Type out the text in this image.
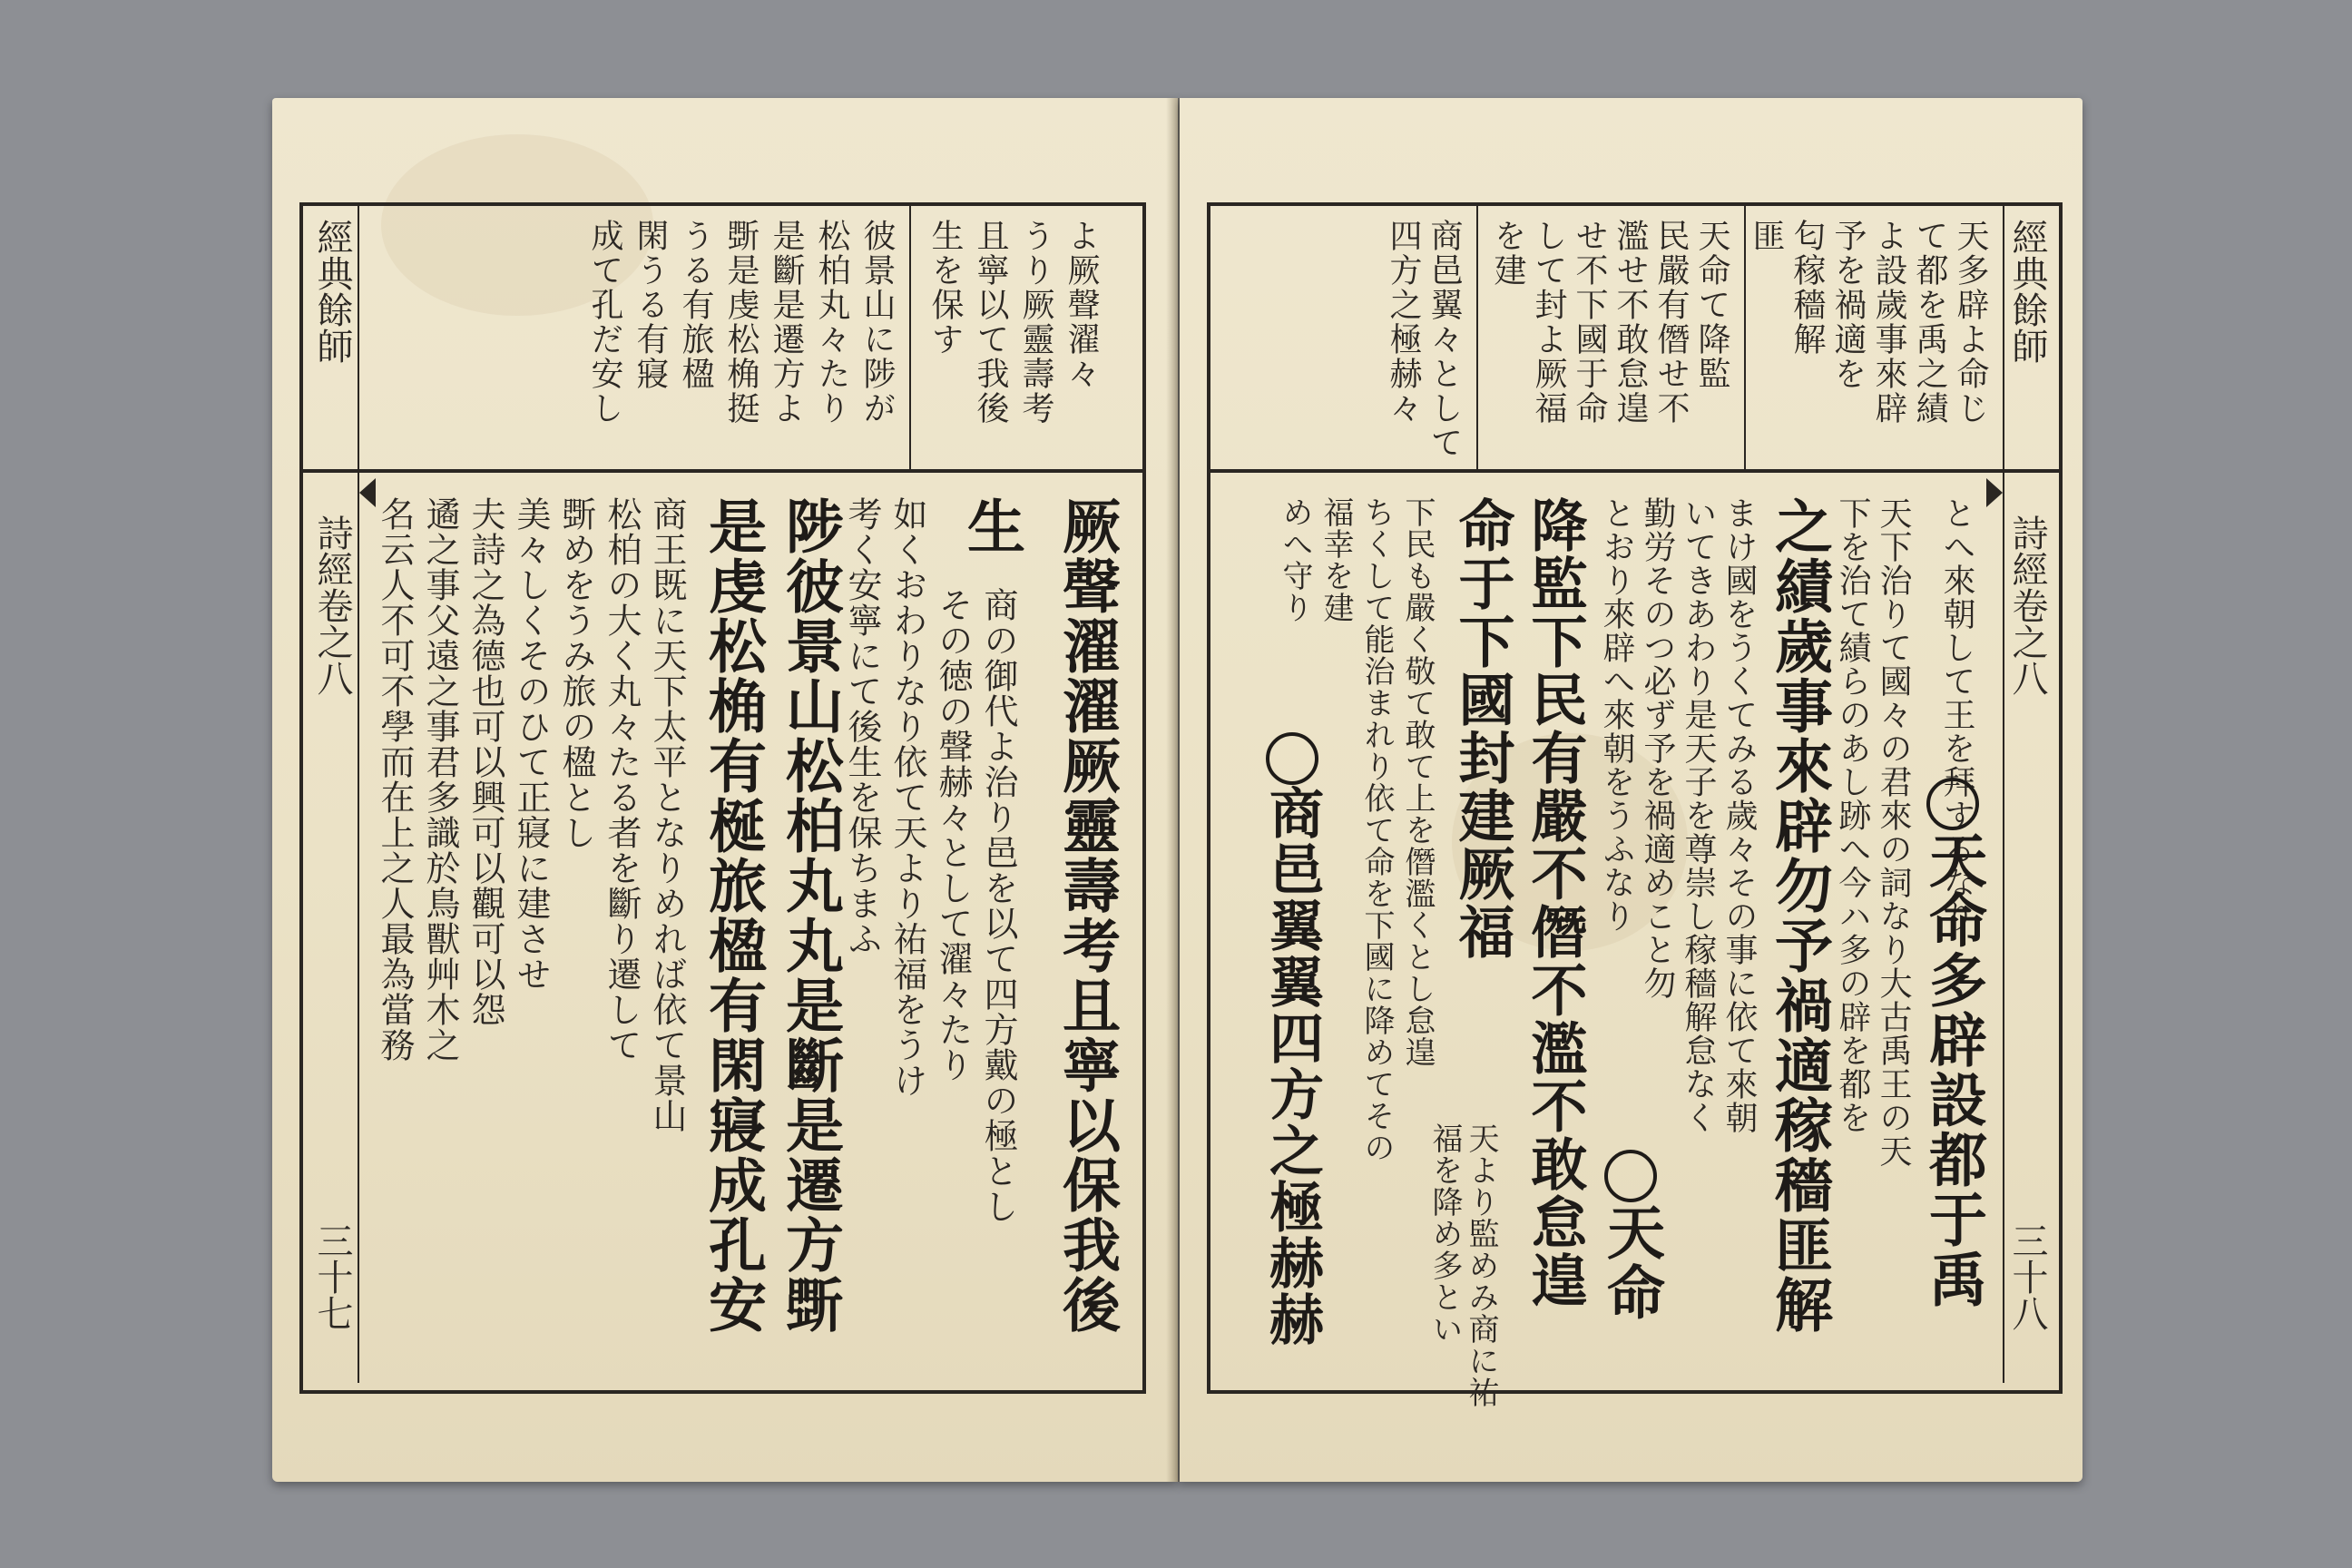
よ厥聲濯々
うり厥靈壽考
且寧以て我後
生を保す
彼景山に陟が
松柏丸々たり
是斷是遷方よ
斲是虔松桷挺
うる有旅楹
閑うる有寢
成て孔だ安し
厥聲濯濯厥靈壽考且寧以保我後
生
商の御代よ治り邑を以て四方戴の極とし
その徳の聲赫々として濯々たり
如くおわりなり依て天より祐福をうけ
考く安寧にて後生を保ちまふ
陟彼景山松柏丸丸是斷是遷方斲
是虔松桷有梴旅楹有閑寢成孔安
商王既に天下太平となりめれば依て景山
松柏の大く丸々たる者を斷り遷して
斲めをうみ旅の楹とし
美々しくそのひて正寢に建させ
夫詩之為德也可以興可以觀可以怨
遹之事父遠之事君多識於鳥獸艸木之
名云人不可不學而在上之人最為當務
經典餘師
詩經卷之八
三十七
天多辟よ命じ
て都を禹之績
よ設歲事來辟
予を禍適を
匂稼穡解
匪
天命て降監
民嚴有僭せ不
濫せ不敢怠遑
せ不下國于命
して封よ厥福
を建
商邑翼々として
四方之極赫々
とへ來朝して王を拜するなり
天命多辟設都于禹
天下治りて國々の君來の詞なり大古禹王の天
下を治て績らのあし跡へ今ハ多の辟を都を
之績歲事來辟勿予禍適稼穡匪解
まけ國をうくてみる歲々その事に依て來朝
いてきあわり是天子を尊崇し稼穡解怠なく
勤労そのつ必ず予を禍適めこと勿
とおり來辟へ來朝をうふなり
天命
降監下民有嚴不僭不濫不敢怠遑
命于下國封建厥福
天より監めみ商に祐
福を降め多とい
下民も嚴く敬て敢て上を僭濫くとし怠遑
ちくして能治まれり依て命を下國に降めてその
福幸を建
めへ守り
商邑翼翼四方之極赫赫
經典餘師
詩經卷之八
三十八
